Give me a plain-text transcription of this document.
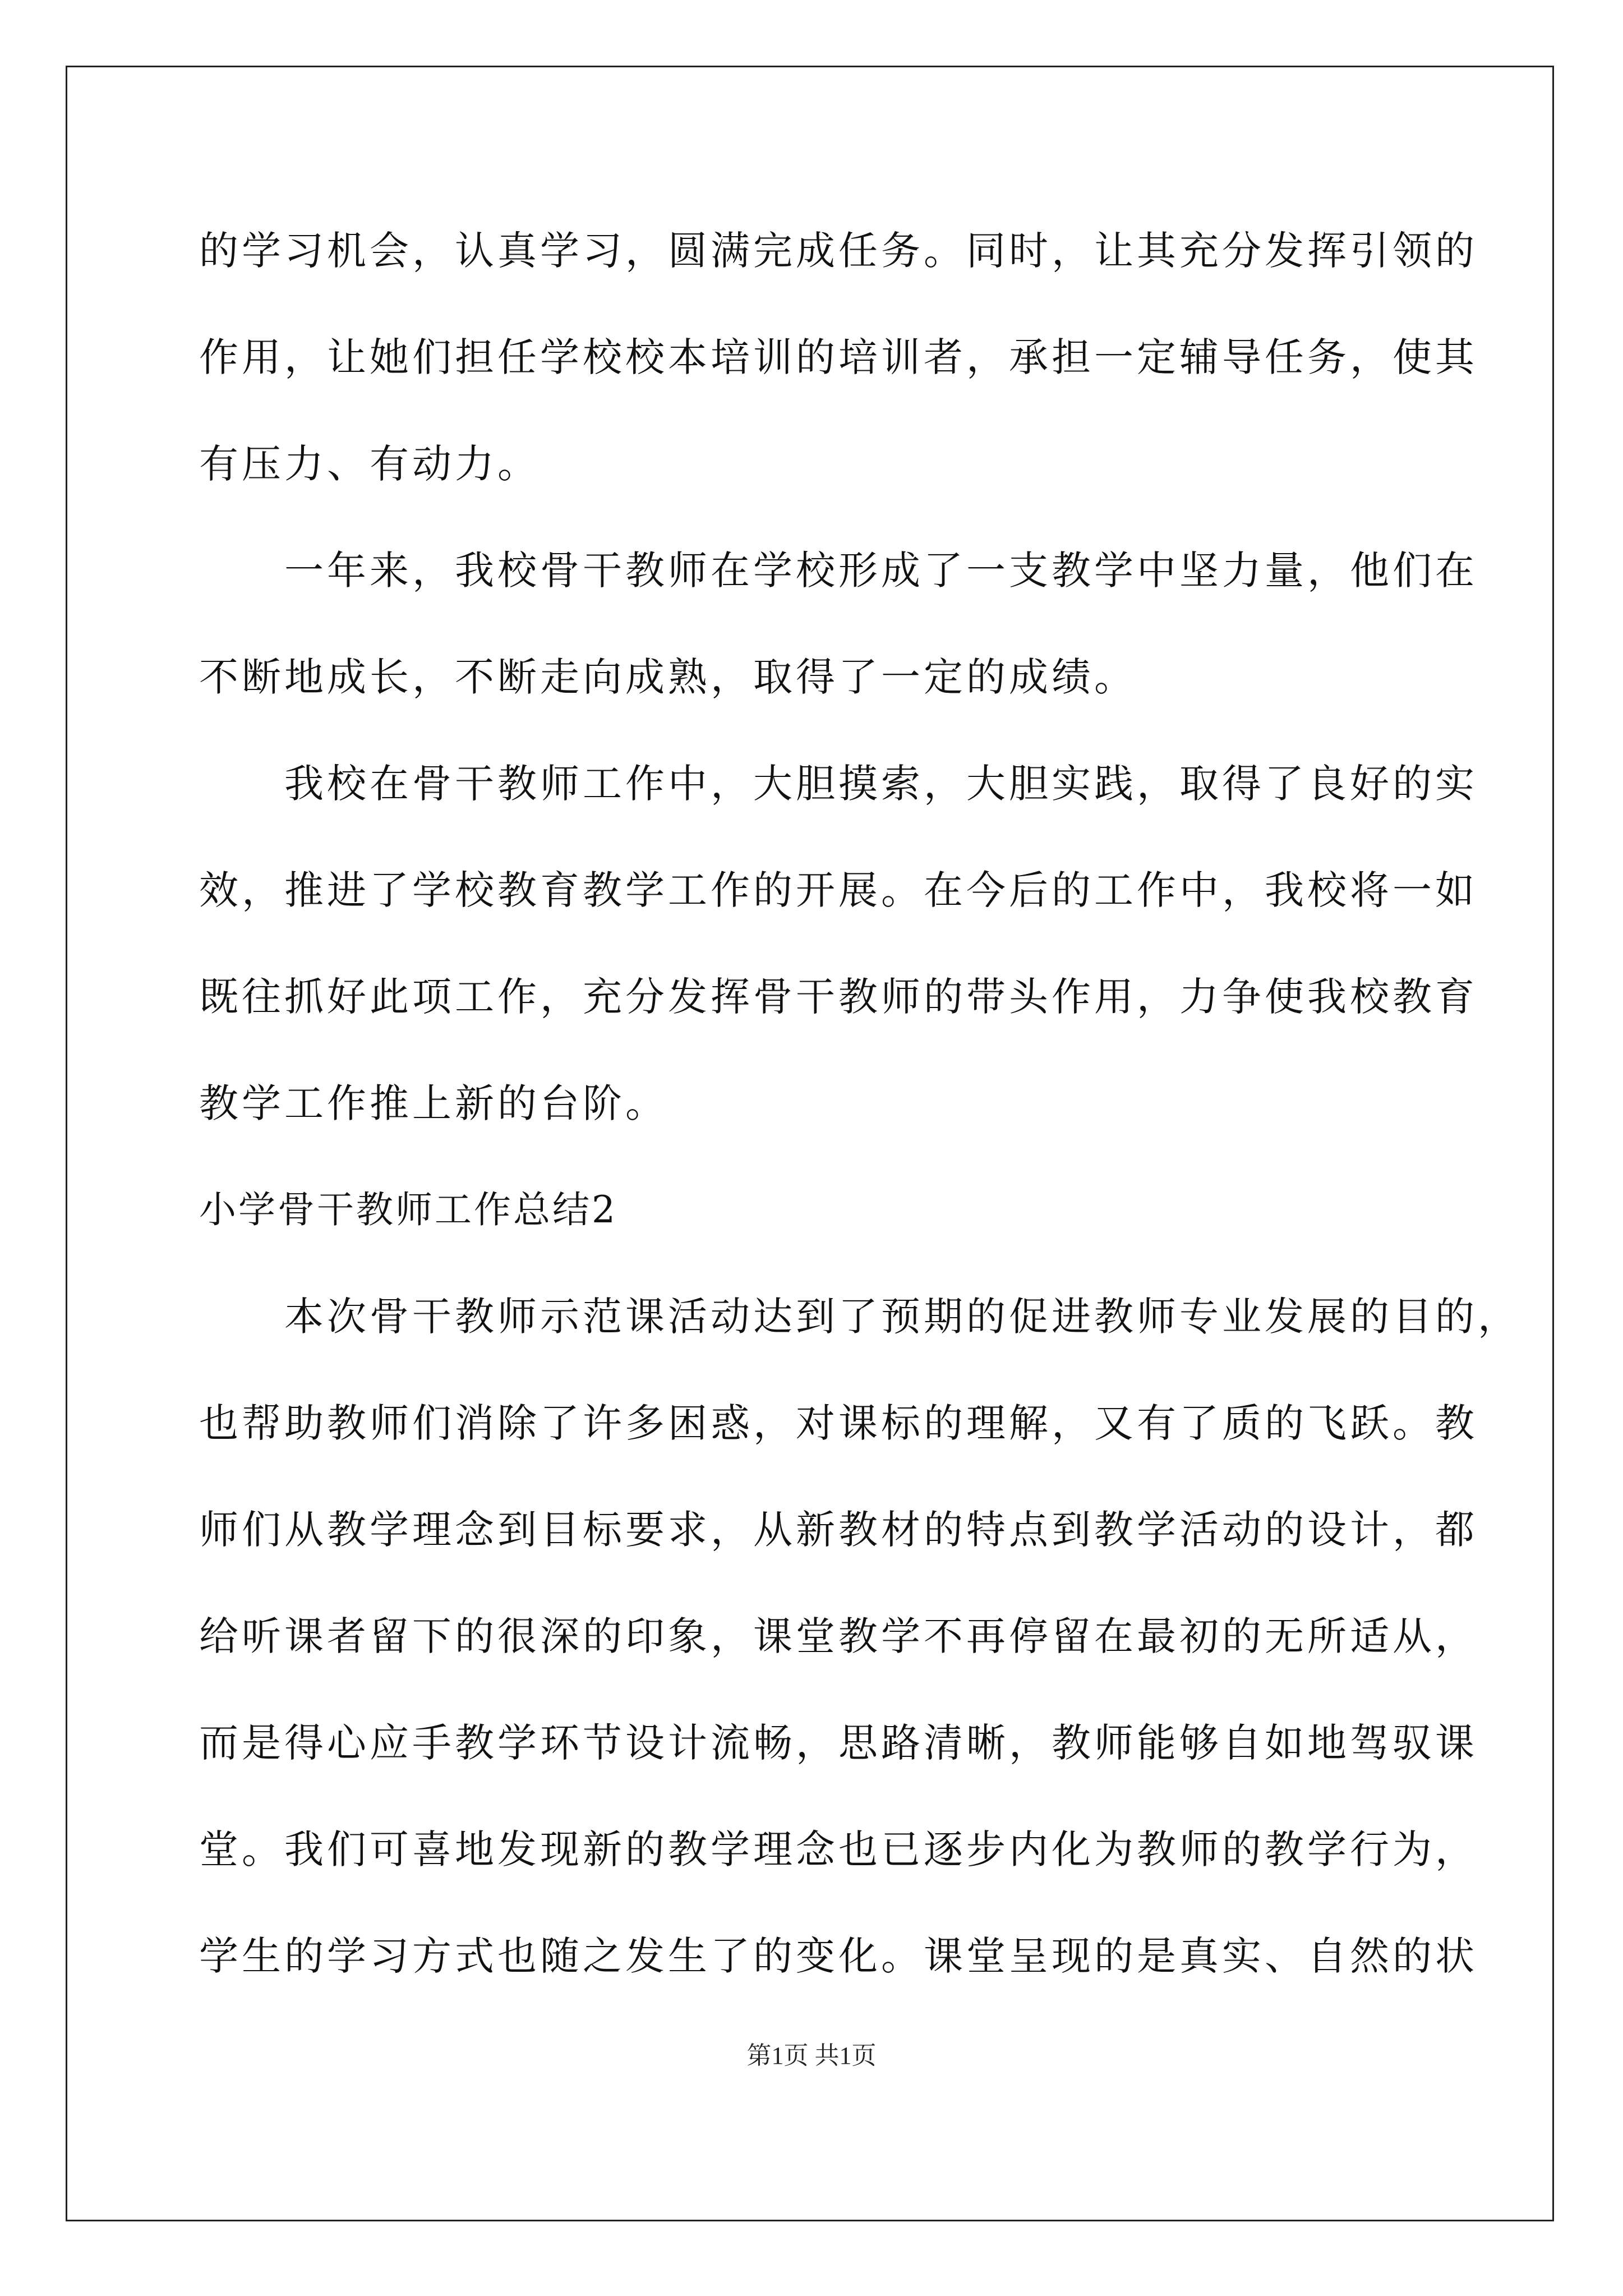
的学习机会，认真学习，圆满完成任务。同时，让其充分发挥引领的
作用，让她们担任学校校本培训的培训者，承担一定辅导任务，使其
有压力、有动力。
一年来，我校骨干教师在学校形成了一支教学中坚力量，他们在
不断地成长，不断走向成熟，取得了一定的成绩。
我校在骨干教师工作中，大胆摸索，大胆实践，取得了良好的实
效，推进了学校教育教学工作的开展。在今后的工作中，我校将一如
既往抓好此项工作，充分发挥骨干教师的带头作用，力争使我校教育
教学工作推上新的台阶。
小学骨干教师工作总结2
本次骨干教师示范课活动达到了预期的促进教师专业发展的目的，
也帮助教师们消除了许多困惑，对课标的理解，又有了质的飞跃。教
师们从教学理念到目标要求，从新教材的特点到教学活动的设计，都
给听课者留下的很深的印象，课堂教学不再停留在最初的无所适从，
而是得心应手教学环节设计流畅，思路清晰，教师能够自如地驾驭课
堂。我们可喜地发现新的教学理念也已逐步内化为教师的教学行为，
学生的学习方式也随之发生了的变化。课堂呈现的是真实、自然的状
第1页 共1页
